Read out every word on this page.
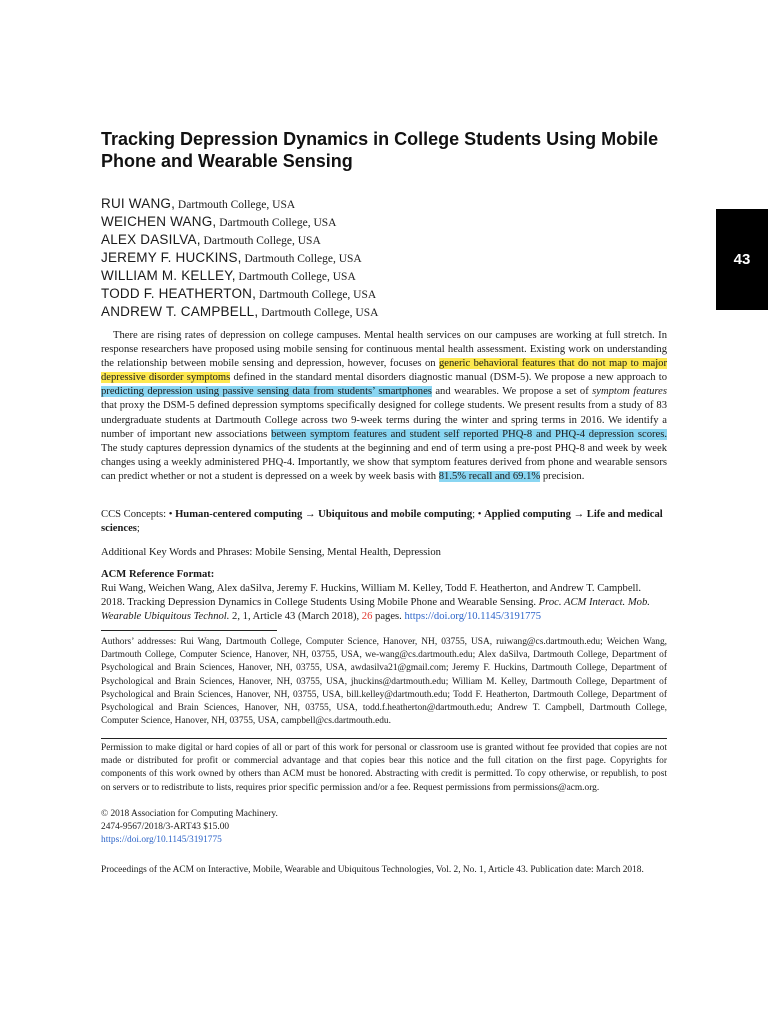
43
Tracking Depression Dynamics in College Students Using Mobile Phone and Wearable Sensing
RUI WANG, Dartmouth College, USA
WEICHEN WANG, Dartmouth College, USA
ALEX DASILVA, Dartmouth College, USA
JEREMY F. HUCKINS, Dartmouth College, USA
WILLIAM M. KELLEY, Dartmouth College, USA
TODD F. HEATHERTON, Dartmouth College, USA
ANDREW T. CAMPBELL, Dartmouth College, USA
There are rising rates of depression on college campuses. Mental health services on our campuses are working at full stretch. In response researchers have proposed using mobile sensing for continuous mental health assessment. Existing work on understanding the relationship between mobile sensing and depression, however, focuses on generic behavioral features that do not map to major depressive disorder symptoms defined in the standard mental disorders diagnostic manual (DSM-5). We propose a new approach to predicting depression using passive sensing data from students’ smartphones and wearables. We propose a set of symptom features that proxy the DSM-5 defined depression symptoms specifically designed for college students. We present results from a study of 83 undergraduate students at Dartmouth College across two 9-week terms during the winter and spring terms in 2016. We identify a number of important new associations between symptom features and student self reported PHQ-8 and PHQ-4 depression scores. The study captures depression dynamics of the students at the beginning and end of term using a pre-post PHQ-8 and week by week changes using a weekly administered PHQ-4. Importantly, we show that symptom features derived from phone and wearable sensors can predict whether or not a student is depressed on a week by week basis with 81.5% recall and 69.1% precision.
CCS Concepts: • Human-centered computing → Ubiquitous and mobile computing; • Applied computing → Life and medical sciences;
Additional Key Words and Phrases: Mobile Sensing, Mental Health, Depression
ACM Reference Format:
Rui Wang, Weichen Wang, Alex daSilva, Jeremy F. Huckins, William M. Kelley, Todd F. Heatherton, and Andrew T. Campbell. 2018. Tracking Depression Dynamics in College Students Using Mobile Phone and Wearable Sensing. Proc. ACM Interact. Mob. Wearable Ubiquitous Technol. 2, 1, Article 43 (March 2018), 26 pages. https://doi.org/10.1145/3191775
Authors’ addresses: Rui Wang, Dartmouth College, Computer Science, Hanover, NH, 03755, USA, ruiwang@cs.dartmouth.edu; Weichen Wang, Dartmouth College, Computer Science, Hanover, NH, 03755, USA, we-wang@cs.dartmouth.edu; Alex daSilva, Dartmouth College, Department of Psychological and Brain Sciences, Hanover, NH, 03755, USA, awdasilva21@gmail.com; Jeremy F. Huckins, Dartmouth College, Department of Psychological and Brain Sciences, Hanover, NH, 03755, USA, jhuckins@dartmouth.edu; William M. Kelley, Dartmouth College, Department of Psychological and Brain Sciences, Hanover, NH, 03755, USA, bill.kelley@dartmouth.edu; Todd F. Heatherton, Dartmouth College, Department of Psychological and Brain Sciences, Hanover, NH, 03755, USA, todd.f.heatherton@dartmouth.edu; Andrew T. Campbell, Dartmouth College, Computer Science, Hanover, NH, 03755, USA, campbell@cs.dartmouth.edu.
Permission to make digital or hard copies of all or part of this work for personal or classroom use is granted without fee provided that copies are not made or distributed for profit or commercial advantage and that copies bear this notice and the full citation on the first page. Copyrights for components of this work owned by others than ACM must be honored. Abstracting with credit is permitted. To copy otherwise, or republish, to post on servers or to redistribute to lists, requires prior specific permission and/or a fee. Request permissions from permissions@acm.org.
© 2018 Association for Computing Machinery.
2474-9567/2018/3-ART43 $15.00
https://doi.org/10.1145/3191775
Proceedings of the ACM on Interactive, Mobile, Wearable and Ubiquitous Technologies, Vol. 2, No. 1, Article 43. Publication date: March 2018.
